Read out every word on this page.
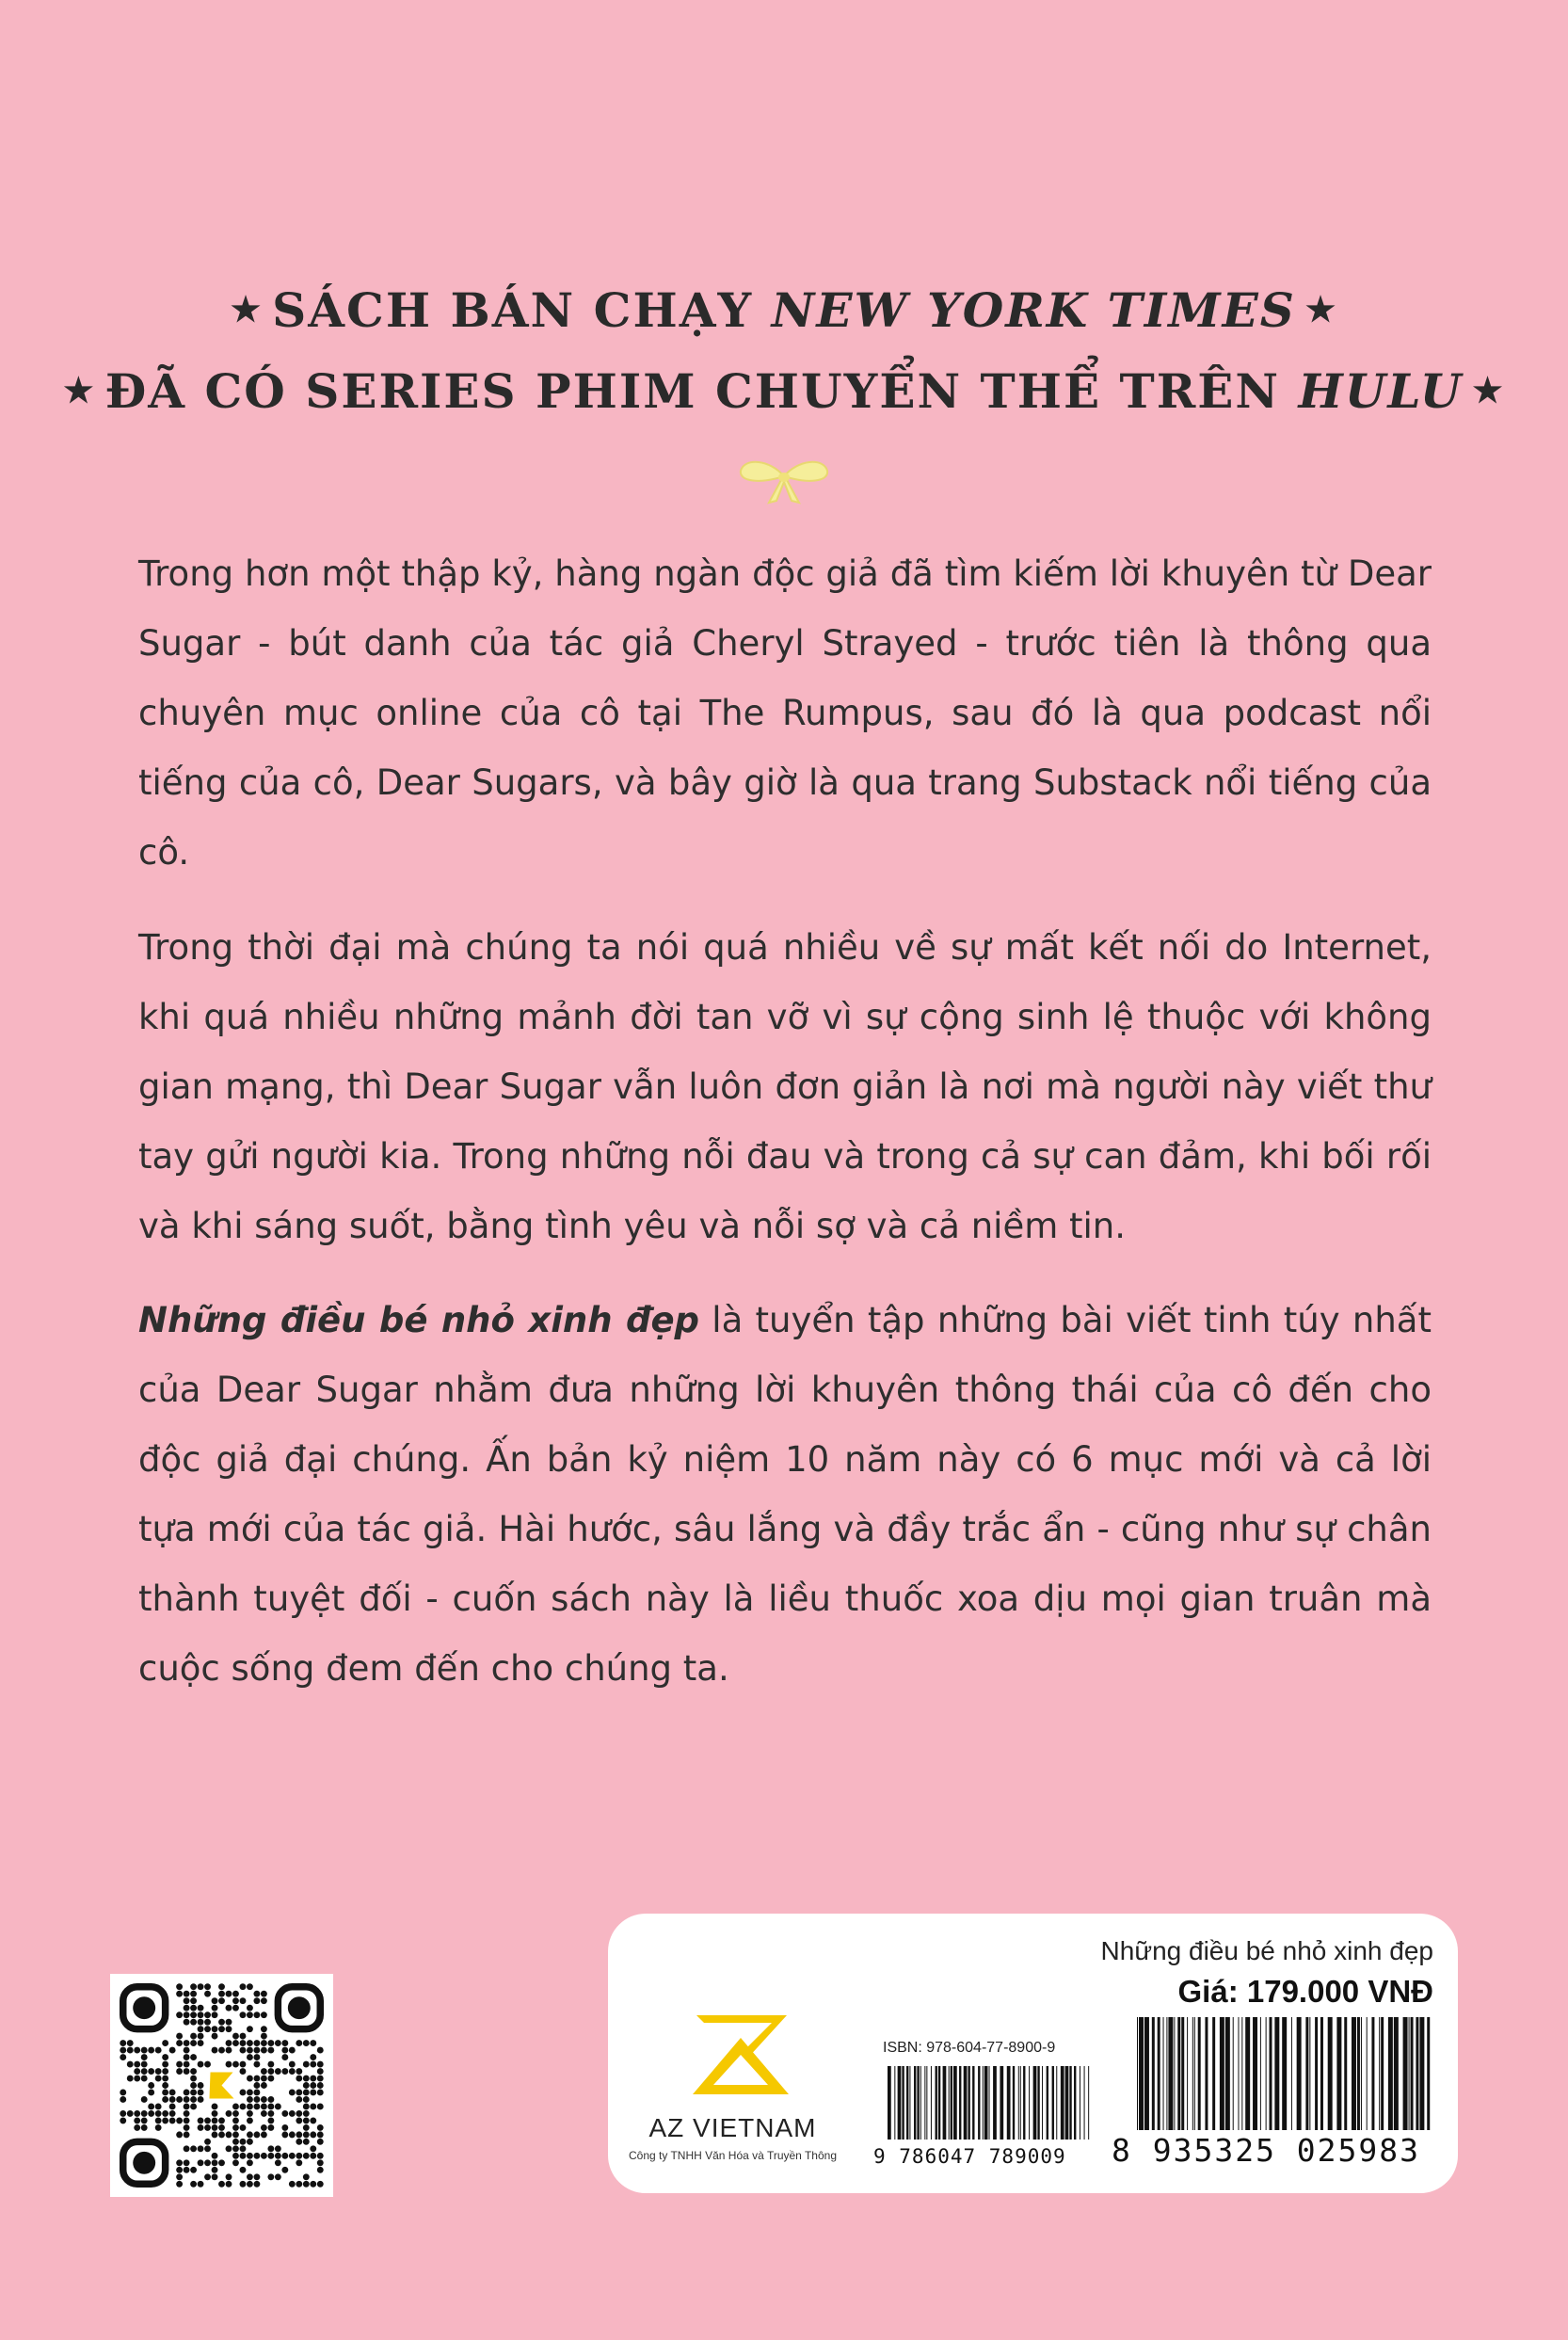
★ SÁCH BÁN CHẠY NEW YORK TIMES ★
★ ĐÃ CÓ SERIES PHIM CHUYỂN THỂ TRÊN HULU ★

Trong hơn một thập kỷ, hàng ngàn độc giả đã tìm kiếm lời khuyên từ Dear Sugar - bút danh của tác giả Cheryl Strayed - trước tiên là thông qua chuyên mục online của cô tại The Rumpus, sau đó là qua podcast nổi tiếng của cô, Dear Sugars, và bây giờ là qua trang Substack nổi tiếng của cô.

Trong thời đại mà chúng ta nói quá nhiều về sự mất kết nối do Internet, khi quá nhiều những mảnh đời tan vỡ vì sự cộng sinh lệ thuộc với không gian mạng, thì Dear Sugar vẫn luôn đơn giản là nơi mà người này viết thư tay gửi người kia. Trong những nỗi đau và trong cả sự can đảm, khi bối rối và khi sáng suốt, bằng tình yêu và nỗi sợ và cả niềm tin.

Những điều bé nhỏ xinh đẹp là tuyển tập những bài viết tinh túy nhất của Dear Sugar nhằm đưa những lời khuyên thông thái của cô đến cho độc giả đại chúng. Ấn bản kỷ niệm 10 năm này có 6 mục mới và cả lời tựa mới của tác giả. Hài hước, sâu lắng và đầy trắc ẩn - cũng như sự chân thành tuyệt đối - cuốn sách này là liều thuốc xoa dịu mọi gian truân mà cuộc sống đem đến cho chúng ta.

AZ VIETNAM
Công ty TNHH Văn Hóa và Truyền Thông
ISBN: 978-604-77-8900-9
Những điều bé nhỏ xinh đẹp
Giá: 179.000 VNĐ
9 786047 789009 8 935325 025983
